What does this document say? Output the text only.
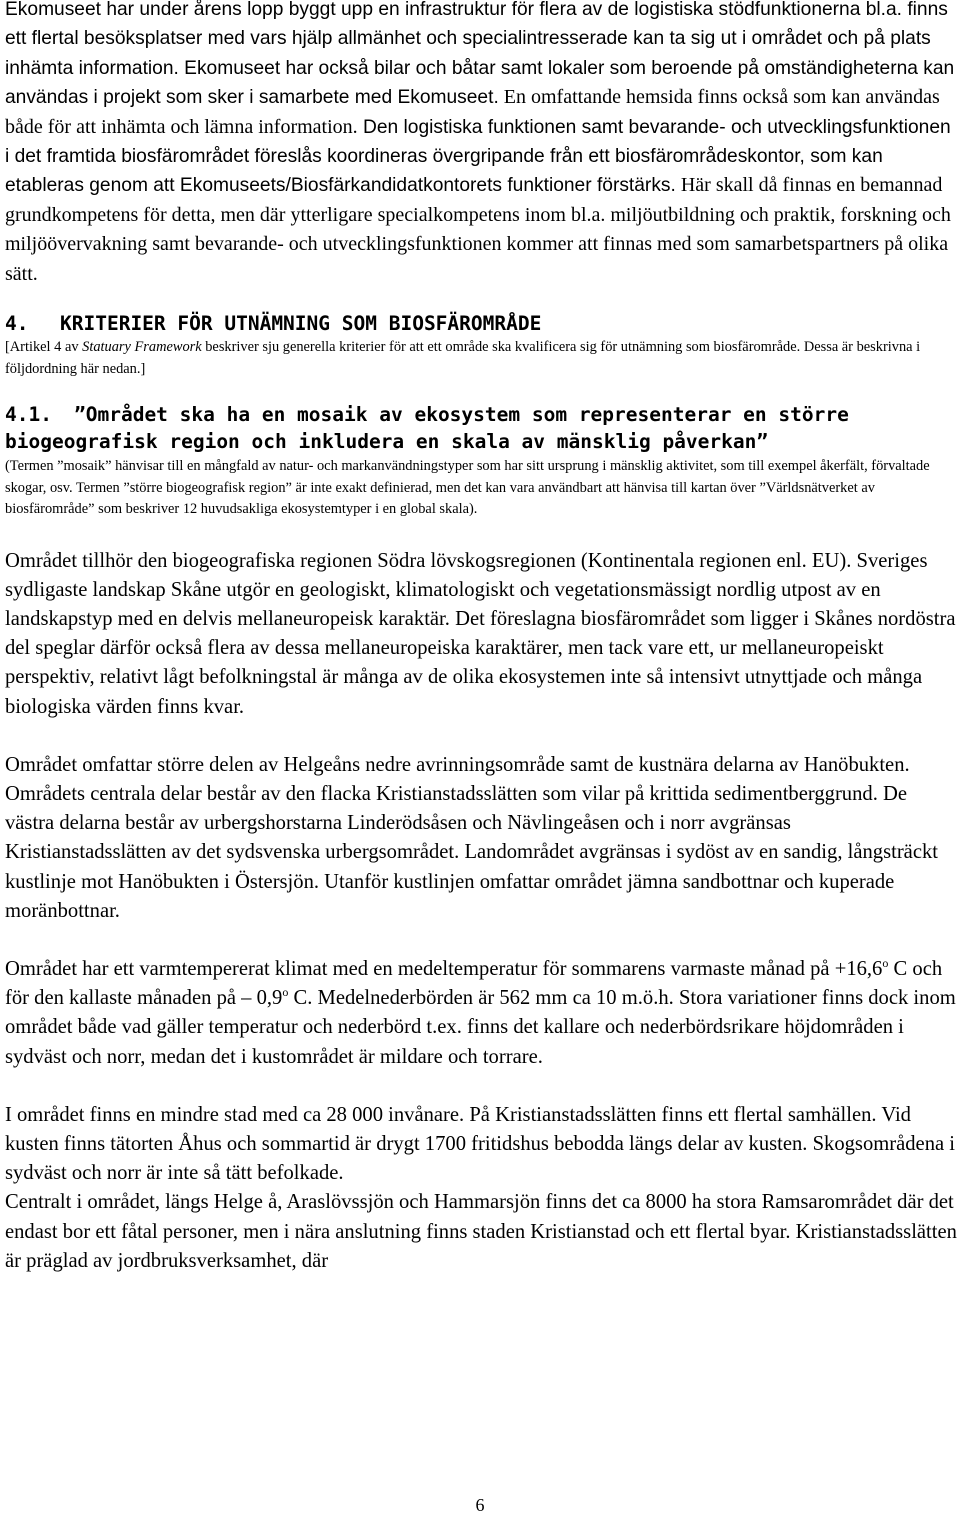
Ekomuseet har under årens lopp byggt upp en infrastruktur för flera av de logistiska stödfunktionerna bl.a. finns ett flertal besöksplatser med vars hjälp allmänhet och specialintresserade kan ta sig ut i området och på plats inhämta information. Ekomuseet har också bilar och båtar samt lokaler som beroende på omständigheterna kan användas i projekt som sker i samarbete med Ekomuseet. En omfattande hemsida finns också som kan användas både för att inhämta och lämna information. Den logistiska funktionen samt bevarande- och utvecklingsfunktionen i det framtida biosfärområdet föreslås koordineras övergripande från ett biosfärområdeskontor, som kan etableras genom att Ekomuseets/Biosfärkandidatkontorets funktioner förstärks. Här skall då finnas en bemannad grundkompetens för detta, men där ytterligare specialkompetens inom bl.a. miljöutbildning och praktik, forskning och miljöövervakning samt bevarande- och utvecklingsfunktionen kommer att finnas med som samarbetspartners på olika sätt.

4. KRITERIER FÖR UTNÄMNING SOM BIOSFÄROMRÅDE

[Artikel 4 av Statuary Framework beskriver sju generella kriterier för att ett område ska kvalificera sig för utnämning som biosfärområde. Dessa är beskrivna i följdordning här nedan.]

4.1. ”Området ska ha en mosaik av ekosystem som representerar en större biogeografisk region och inkludera en skala av mänsklig påverkan”

(Termen ”mosaik” hänvisar till en mångfald av natur- och markanvändningstyper som har sitt ursprung i mänsklig aktivitet, som till exempel åkerfält, förvaltade skogar, osv. Termen ”större biogeografisk region” är inte exakt definierad, men det kan vara användbart att hänvisa till kartan över ”Världsnätverket av biosfärområde” som beskriver 12 huvudsakliga ekosystemtyper i en global skala).

Området tillhör den biogeografiska regionen Södra lövskogsregionen (Kontinentala regionen enl. EU). Sveriges sydligaste landskap Skåne utgör en geologiskt, klimatologiskt och vegetationsmässigt nordlig utpost av en landskapstyp med en delvis mellaneuropeisk karaktär. Det föreslagna biosfärområdet som ligger i Skånes nordöstra del speglar därför också flera av dessa mellaneuropeiska karaktärer, men tack vare ett, ur mellaneuropeiskt perspektiv, relativt lågt befolkningstal är många av de olika ekosystemen inte så intensivt utnyttjade och många biologiska värden finns kvar.

Området omfattar större delen av Helgeåns nedre avrinningsområde samt de kustnära delarna av Hanöbukten. Områdets centrala delar består av den flacka Kristianstadsslätten som vilar på krittida sedimentberggrund. De västra delarna består av urbergshorstarna Linderödsåsen och Nävlingeåsen och i norr avgränsas Kristianstadsslätten av det sydsvenska urbergsområdet. Landområdet avgränsas i sydöst av en sandig, långsträckt kustlinje mot Hanöbukten i Östersjön. Utanför kustlinjen omfattar området jämna sandbottnar och kuperade moränbottnar.

Området har ett varmtempererat klimat med en medeltemperatur för sommarens varmaste månad på $+16,6^o$ C och för den kallaste månaden på – 0,9$^o$ C. Medelnederbörden är 562 mm ca 10 m.ö.h. Stora variationer finns dock inom området både vad gäller temperatur och nederbörd t.ex. finns det kallare och nederbördsrikare höjdområden i sydväst och norr, medan det i kustområdet är mildare och torrare.

I området finns en mindre stad med ca 28 000 invånare. På Kristianstadsslätten finns ett flertal samhällen. Vid kusten finns tätorten Åhus och sommartid är drygt 1700 fritidshus bebodda längs delar av kusten. Skogsområdena i sydväst och norr är inte så tätt befolkade.

Centralt i området, längs Helge å, Araslövssjön och Hammarsjön finns det ca 8000 ha stora Ramsarområdet där det endast bor ett fåtal personer, men i nära anslutning finns staden Kristianstad och ett flertal byar. Kristianstadsslätten är präglad av jordbruksverksamhet, där

6
